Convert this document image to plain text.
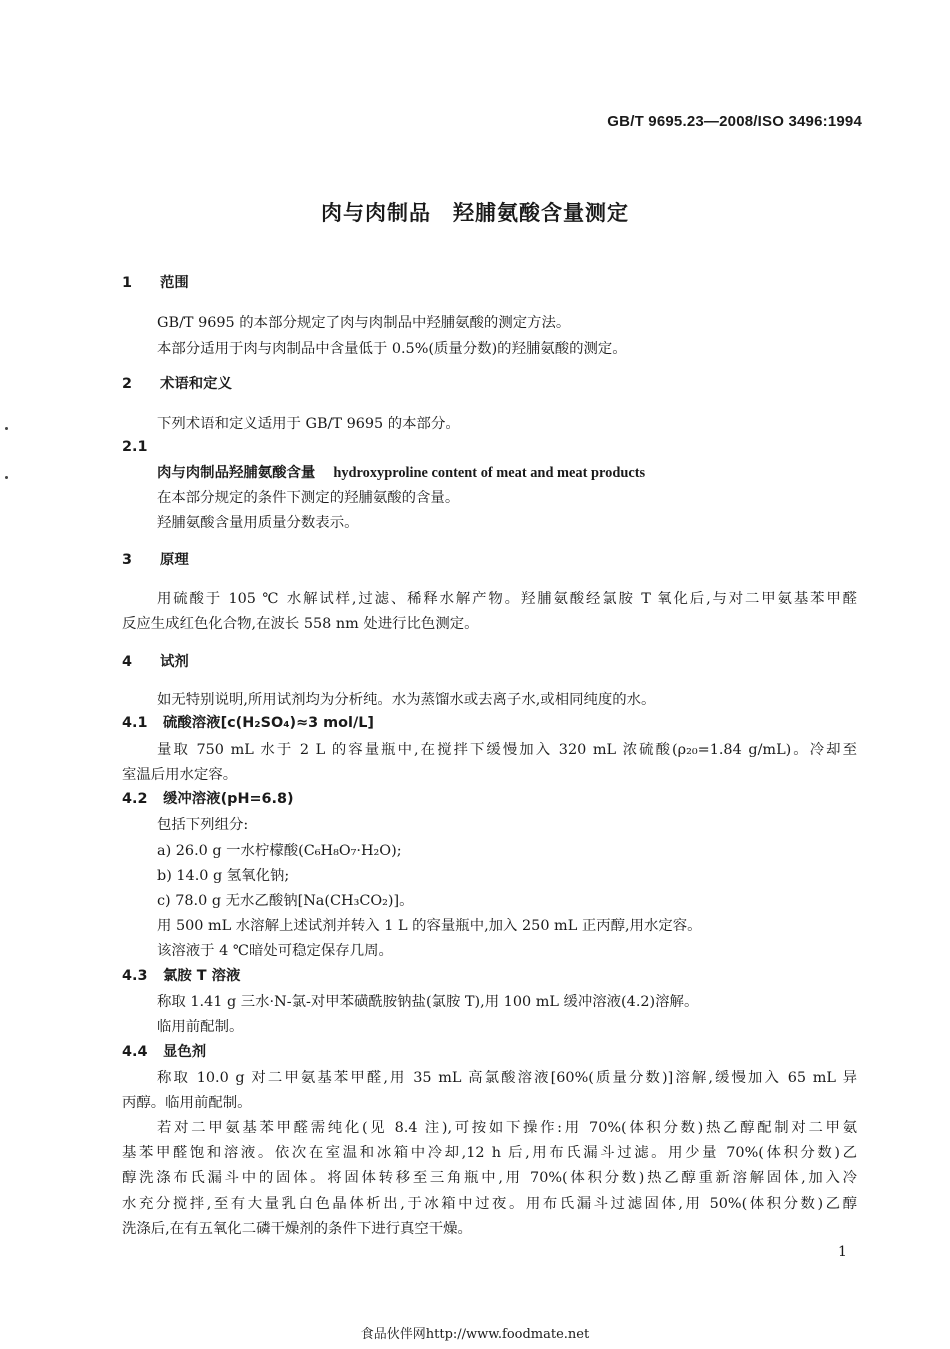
GB/T 9695.23—2008/ISO 3496:1994
肉与肉制品 羟脯氨酸含量测定
1 范围
GB/T 9695 的本部分规定了肉与肉制品中羟脯氨酸的测定方法。
本部分适用于肉与肉制品中含量低于 0.5%(质量分数)的羟脯氨酸的测定。
2 术语和定义
下列术语和定义适用于 GB/T 9695 的本部分。
2.1
肉与肉制品羟脯氨酸含量 hydroxyproline content of meat and meat products
在本部分规定的条件下测定的羟脯氨酸的含量。
羟脯氨酸含量用质量分数表示。
3 原理
用硫酸于 105 ℃ 水解试样,过滤、稀释水解产物。羟脯氨酸经氯胺 T 氧化后,与对二甲氨基苯甲醛
反应生成红色化合物,在波长 558 nm 处进行比色测定。
4 试剂
如无特别说明,所用试剂均为分析纯。水为蒸馏水或去离子水,或相同纯度的水。
4.1 硫酸溶液[c(H₂SO₄)≈3 mol/L]
量取 750 mL 水于 2 L 的容量瓶中,在搅拌下缓慢加入 320 mL 浓硫酸(ρ₂₀=1.84 g/mL)。冷却至
室温后用水定容。
4.2 缓冲溶液(pH=6.8)
包括下列组分:
a) 26.0 g 一水柠檬酸(C₆H₈O₇·H₂O);
b) 14.0 g 氢氧化钠;
c) 78.0 g 无水乙酸钠[Na(CH₃CO₂)]。
用 500 mL 水溶解上述试剂并转入 1 L 的容量瓶中,加入 250 mL 正丙醇,用水定容。
该溶液于 4 ℃暗处可稳定保存几周。
4.3 氯胺 T 溶液
称取 1.41 g 三水·N-氯-对甲苯磺酰胺钠盐(氯胺 T),用 100 mL 缓冲溶液(4.2)溶解。
临用前配制。
4.4 显色剂
称取 10.0 g 对二甲氨基苯甲醛,用 35 mL 高氯酸溶液[60%(质量分数)]溶解,缓慢加入 65 mL 异
丙醇。临用前配制。
若对二甲氨基苯甲醛需纯化(见 8.4 注),可按如下操作:用 70%(体积分数)热乙醇配制对二甲氨
基苯甲醛饱和溶液。依次在室温和冰箱中冷却,12 h 后,用布氏漏斗过滤。用少量 70%(体积分数)乙
醇洗涤布氏漏斗中的固体。将固体转移至三角瓶中,用 70%(体积分数)热乙醇重新溶解固体,加入冷
水充分搅拌,至有大量乳白色晶体析出,于冰箱中过夜。用布氏漏斗过滤固体,用 50%(体积分数)乙醇
洗涤后,在有五氧化二磷干燥剂的条件下进行真空干燥。
1
食品伙伴网http://www.foodmate.net
